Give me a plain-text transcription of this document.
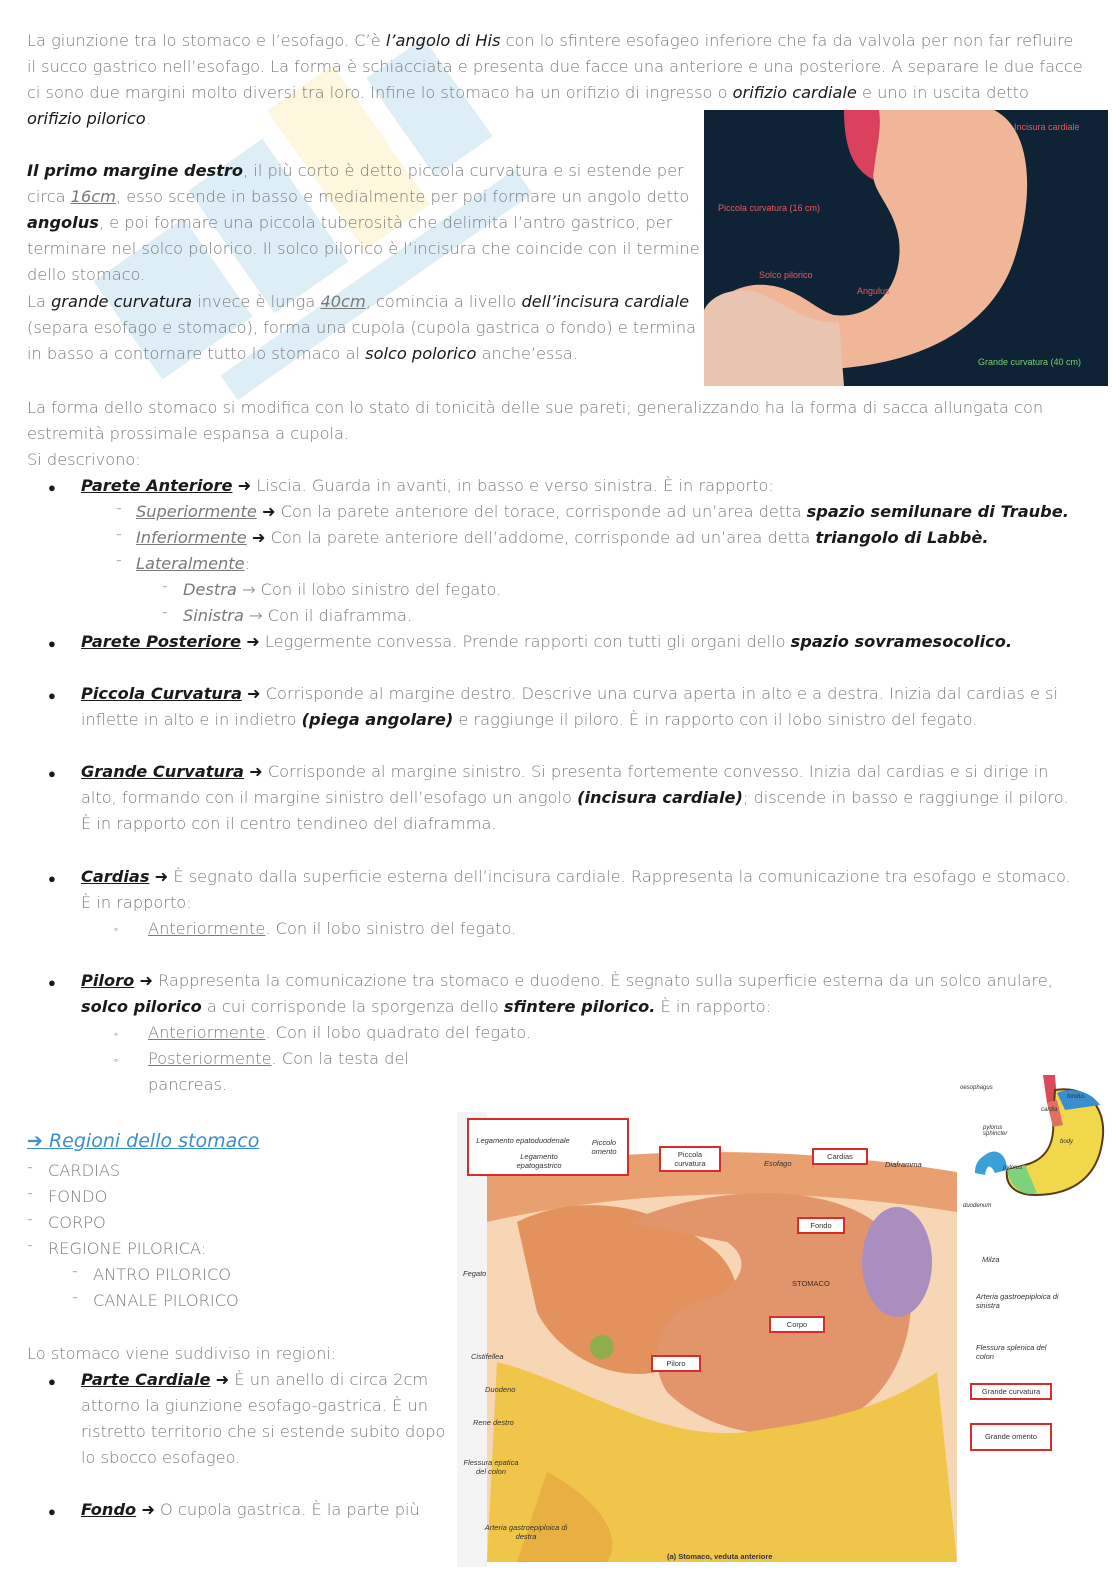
La giunzione tra lo stomaco e l’esofago. C’è l’angolo di His con lo sfintere esofageo inferiore che fa da valvola per non far refluire il succo gastrico nell’esofago. La forma è schiacciata e presenta due facce una anteriore e una posteriore. A separare le due facce ci sono due margini molto diversi tra loro. Infine lo stomaco ha un orifizio di ingresso o orifizio cardiale e uno in uscita detto orifizio pilorico.
Il primo margine destro, il più corto è detto piccola curvatura e si estende per circa 16cm, esso scende in basso e medialmente per poi formare un angolo detto angolus, e poi formare una piccola tuberosità che delimita l’antro gastrico, per terminare nel solco polorico. Il solco pilorico è l’incisura che coincide con il termine dello stomaco.
La grande curvatura invece è lunga 40cm, comincia a livello dell’incisura cardiale (separa esofago e stomaco), forma una cupola (cupola gastrica o fondo) e termina in basso a contornare tutto lo stomaco al solco polorico anche’essa.
Incisura cardiale
Piccola curvatura (16 cm)
Solco pilorico
Angulus
Grande curvatura (40 cm)
La forma dello stomaco si modifica con lo stato di tonicità delle sue pareti; generalizzando ha la forma di sacca allungata con estremità prossimale espansa a cupola.
Si descrivono:
● Parete Anteriore ➜ Liscia. Guarda in avanti, in basso e verso sinistra. È in rapporto:
- Superiormente ➜ Con la parete anteriore del torace, corrisponde ad un’area detta spazio semilunare di Traube.
- Inferiormente ➜ Con la parete anteriore dell’addome, corrisponde ad un’area detta triangolo di Labbè.
- Lateralmente:
- Destra → Con il lobo sinistro del fegato.
- Sinistra → Con il diaframma.
● Parete Posteriore ➜ Leggermente convessa. Prende rapporti con tutti gli organi dello spazio sovramesocolico.
● Piccola Curvatura ➜ Corrisponde al margine destro. Descrive una curva aperta in alto e a destra. Inizia dal cardias e si inflette in alto e in indietro (piega angolare) e raggiunge il piloro. È in rapporto con il lobo sinistro del fegato.
● Grande Curvatura ➜ Corrisponde al margine sinistro. Si presenta fortemente convesso. Inizia dal cardias e si dirige in alto, formando con il margine sinistro dell’esofago un angolo (incisura cardiale); discende in basso e raggiunge il piloro. È in rapporto con il centro tendineo del diaframma.
● Cardias ➜ È segnato dalla superficie esterna dell’incisura cardiale. Rappresenta la comunicazione tra esofago e stomaco. È in rapporto:
◦ Anteriormente. Con il lobo sinistro del fegato.
● Piloro ➜ Rappresenta la comunicazione tra stomaco e duodeno. È segnato sulla superficie esterna da un solco anulare, solco pilorico a cui corrisponde la sporgenza dello sfintere pilorico. È in rapporto:
◦ Anteriormente. Con il lobo quadrato del fegato.
◦ Posteriormente. Con la testa del pancreas.
➔ Regioni dello stomaco
- CARDIAS
- FONDO
- CORPO
- REGIONE PILORICA:
- ANTRO PILORICO
- CANALE PILORICO
Lo stomaco viene suddiviso in regioni:
● Parte Cardiale ➜ È un anello di circa 2cm attorno la giunzione esofago-gastrica. È un ristretto territorio che si estende subito dopo lo sbocco esofageo.
● Fondo ➜ O cupola gastrica. È la parte più
Legamento epatoduodenale
Legamento epatogastrico
Piccolo omento	Piccola curvatura	Esofago
Cardias
Diaframma
Fondo
STOMACO
Corpo
Piloro
Fegato
Cistifellea
Duodeno
Rene destro
Flessura epatica del colon
Arteria gastroepiploica di destra
(a) Stomaco, veduta anteriore
Milza
Arteria gastroepiploica di sinistra
Flessura splenica del colon
Grande curvatura
Grande omento
oesophagus
fundus
cardia
pylorus sphincter
body
pylorus
duodenum
